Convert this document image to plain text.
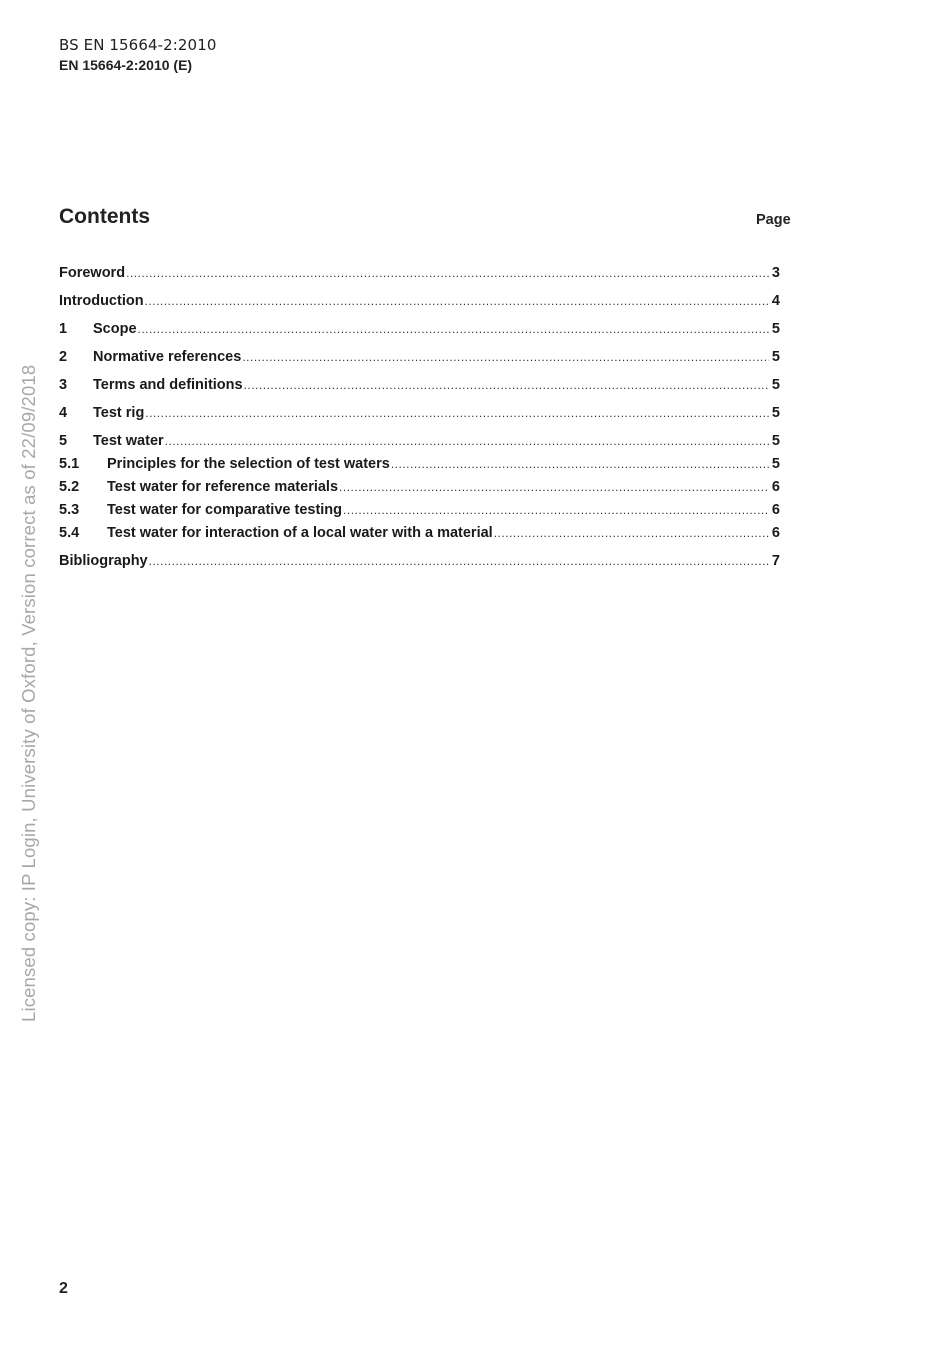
BS EN 15664-2:2010
EN 15664-2:2010 (E)
Contents	Page
Foreword .....	3
Introduction .....	4
1	Scope .....	5
2	Normative references .....	5
3	Terms and definitions .....	5
4	Test rig .....	5
5	Test water .....	5
5.1	Principles for the selection of test waters .....	5
5.2	Test water for reference materials .....	6
5.3	Test water for comparative testing .....	6
5.4	Test water for interaction of a local water with a material .....	6
Bibliography .....	7
Licensed copy: IP Login, University of Oxford, Version correct as of 22/09/2018
2
